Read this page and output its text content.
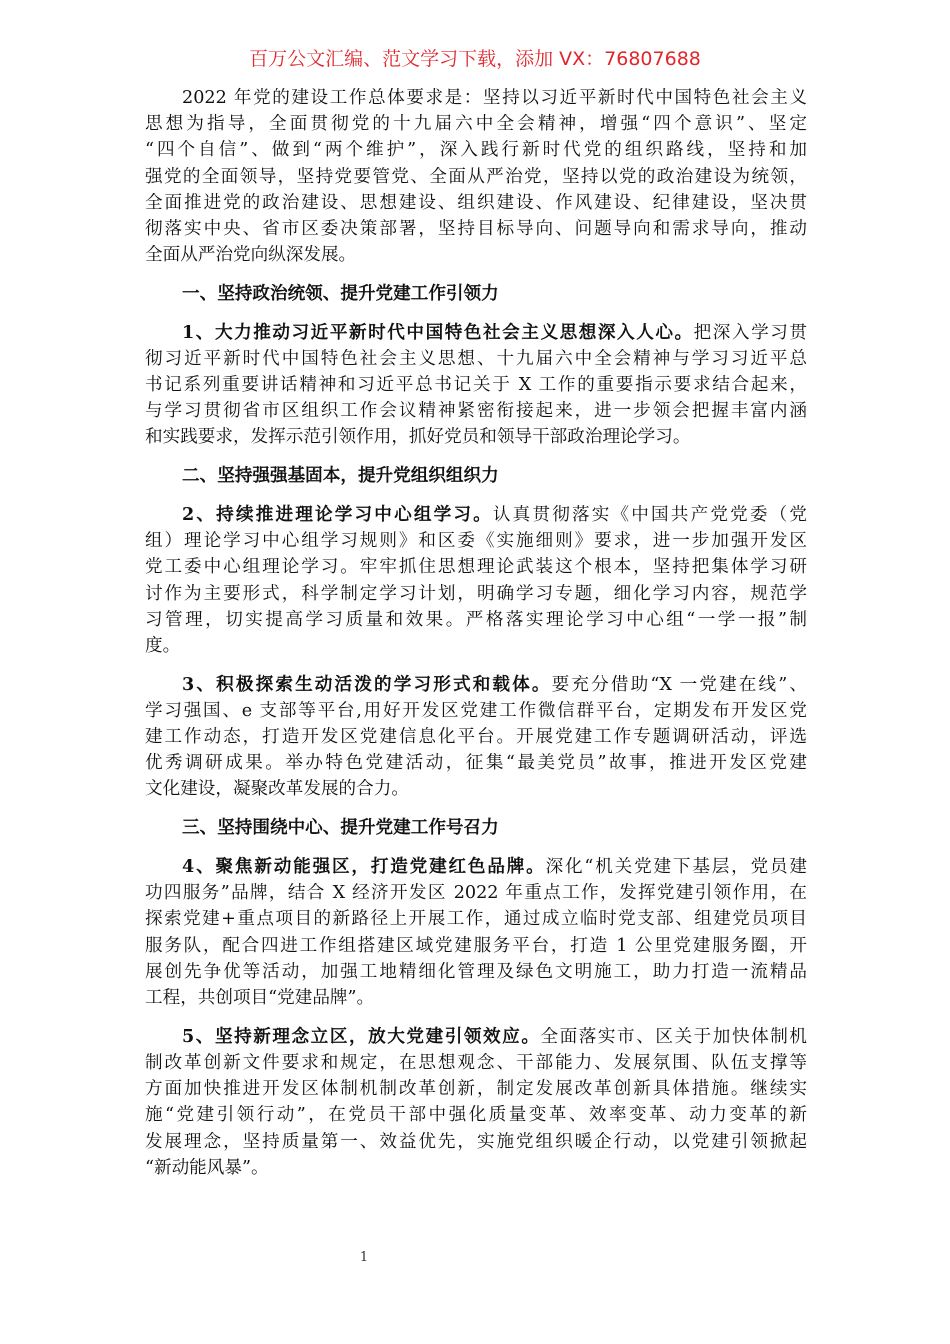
百万公文汇编、范文学习下载，添加 VX：76807688
2022 年党的建设工作总体要求是：坚持以习近平新时代中国特色社会主义
思想为指导，全面贯彻党的十九届六中全会精神，增强“四个意识”、坚定
“四个自信”、做到“两个维护”，深入践行新时代党的组织路线，坚持和加
强党的全面领导，坚持党要管党、全面从严治党，坚持以党的政治建设为统领，
全面推进党的政治建设、思想建设、组织建设、作风建设、纪律建设，坚决贯
彻落实中央、省市区委决策部署，坚持目标导向、问题导向和需求导向，推动
全面从严治党向纵深发展。
一、坚持政治统领、提升党建工作引领力
1、大力推动习近平新时代中国特色社会主义思想深入人心。把深入学习贯
彻习近平新时代中国特色社会主义思想、十九届六中全会精神与学习习近平总
书记系列重要讲话精神和习近平总书记关于 X 工作的重要指示要求结合起来，
与学习贯彻省市区组织工作会议精神紧密衔接起来，进一步领会把握丰富内涵
和实践要求，发挥示范引领作用，抓好党员和领导干部政治理论学习。
二、坚持强强基固本，提升党组织组织力
2、持续推进理论学习中心组学习。认真贯彻落实《中国共产党党委（党
组）理论学习中心组学习规则》和区委《实施细则》要求，进一步加强开发区
党工委中心组理论学习。牢牢抓住思想理论武装这个根本，坚持把集体学习研
讨作为主要形式，科学制定学习计划，明确学习专题，细化学习内容，规范学
习管理，切实提高学习质量和效果。严格落实理论学习中心组“一学一报”制
度。
3、积极探索生动活泼的学习形式和载体。要充分借助“X 一党建在线”、
学习强国、e 支部等平台,用好开发区党建工作微信群平台，定期发布开发区党
建工作动态，打造开发区党建信息化平台。开展党建工作专题调研活动，评选
优秀调研成果。举办特色党建活动，征集“最美党员”故事，推进开发区党建
文化建设，凝聚改革发展的合力。
三、坚持围绕中心、提升党建工作号召力
4、聚焦新动能强区，打造党建红色品牌。深化“机关党建下基层，党员建
功四服务”品牌，结合 X 经济开发区 2022 年重点工作，发挥党建引领作用，在
探索党建+重点项目的新路径上开展工作，通过成立临时党支部、组建党员项目
服务队，配合四进工作组搭建区域党建服务平台，打造 1 公里党建服务圈，开
展创先争优等活动，加强工地精细化管理及绿色文明施工，助力打造一流精品
工程，共创项目“党建品牌”。
5、坚持新理念立区，放大党建引领效应。全面落实市、区关于加快体制机
制改革创新文件要求和规定，在思想观念、干部能力、发展氛围、队伍支撑等
方面加快推进开发区体制机制改革创新，制定发展改革创新具体措施。继续实
施“党建引领行动”，在党员干部中强化质量变革、效率变革、动力变革的新
发展理念，坚持质量第一、效益优先，实施党组织暖企行动，以党建引领掀起
“新动能风暴”。
1
